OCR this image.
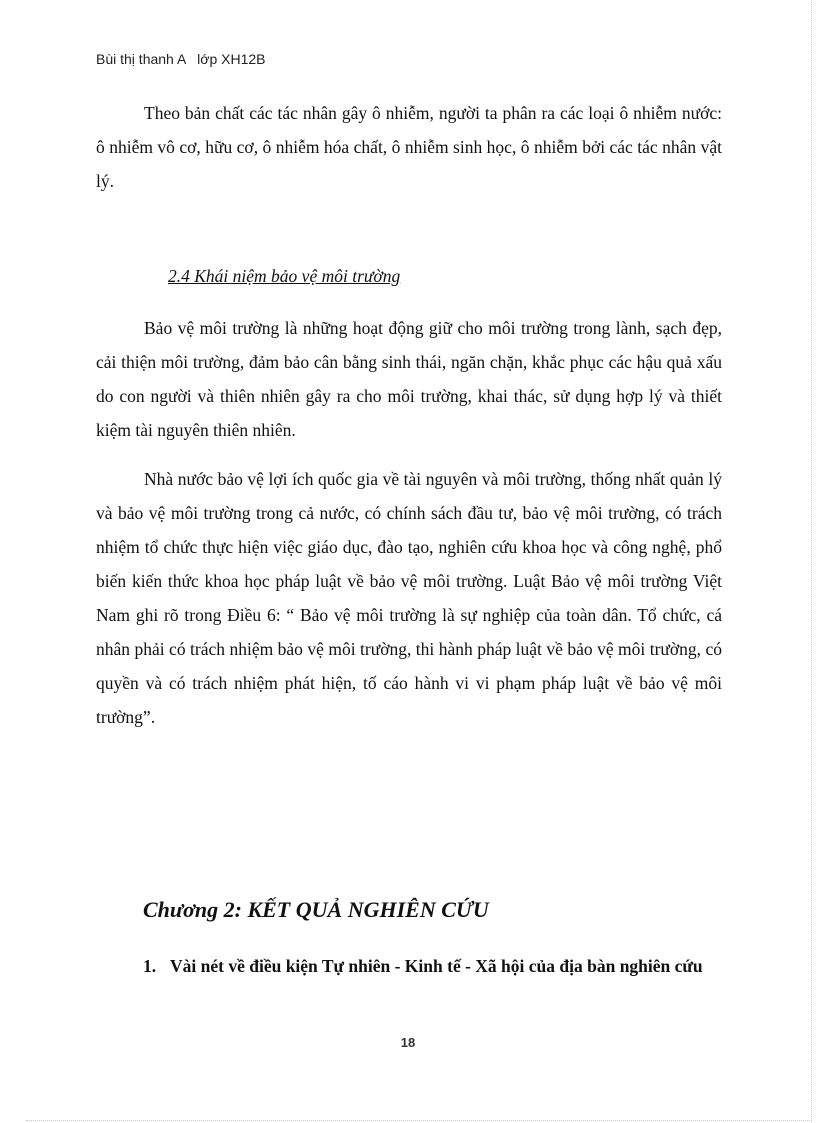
Bùi thị thanh A   lớp XH12B

Theo bản chất các tác nhân gây ô nhiễm, người ta phân ra các loại ô nhiễm nước: ô nhiễm vô cơ, hữu cơ, ô nhiễm hóa chất, ô nhiễm sinh học, ô nhiễm bởi các tác nhân vật lý.

2.4 Khái niệm bảo vệ môi trường

Bảo vệ môi trường là những hoạt động giữ cho môi trường trong lành, sạch đẹp, cải thiện môi trường, đảm bảo cân bằng sinh thái, ngăn chặn, khắc phục các hậu quả xấu do con người và thiên nhiên gây ra cho môi trường, khai thác, sử dụng hợp lý và thiết kiệm tài nguyên thiên nhiên.

Nhà nước bảo vệ lợi ích quốc gia về tài nguyên và môi trường, thống nhất quản lý và bảo vệ môi trường trong cả nước, có chính sách đầu tư, bảo vệ môi trường, có trách nhiệm tổ chức thực hiện việc giáo dục, đào tạo, nghiên cứu khoa học và công nghệ, phổ biến kiến thức khoa học pháp luật về bảo vệ môi trường. Luật Bảo vệ môi trường Việt Nam ghi rõ trong Điều 6: “ Bảo vệ môi trường là sự nghiệp của toàn dân. Tổ chức, cá nhân phải có trách nhiệm bảo vệ môi trường, thi hành pháp luật về bảo vệ môi trường, có quyền và có trách nhiệm phát hiện, tố cáo hành vi vi phạm pháp luật về bảo vệ môi trường”.

Chương 2: KẾT QUẢ NGHIÊN CỨU
1. Vài nét về điều kiện Tự nhiên - Kinh tế - Xã hội của địa bàn nghiên cứu
18
